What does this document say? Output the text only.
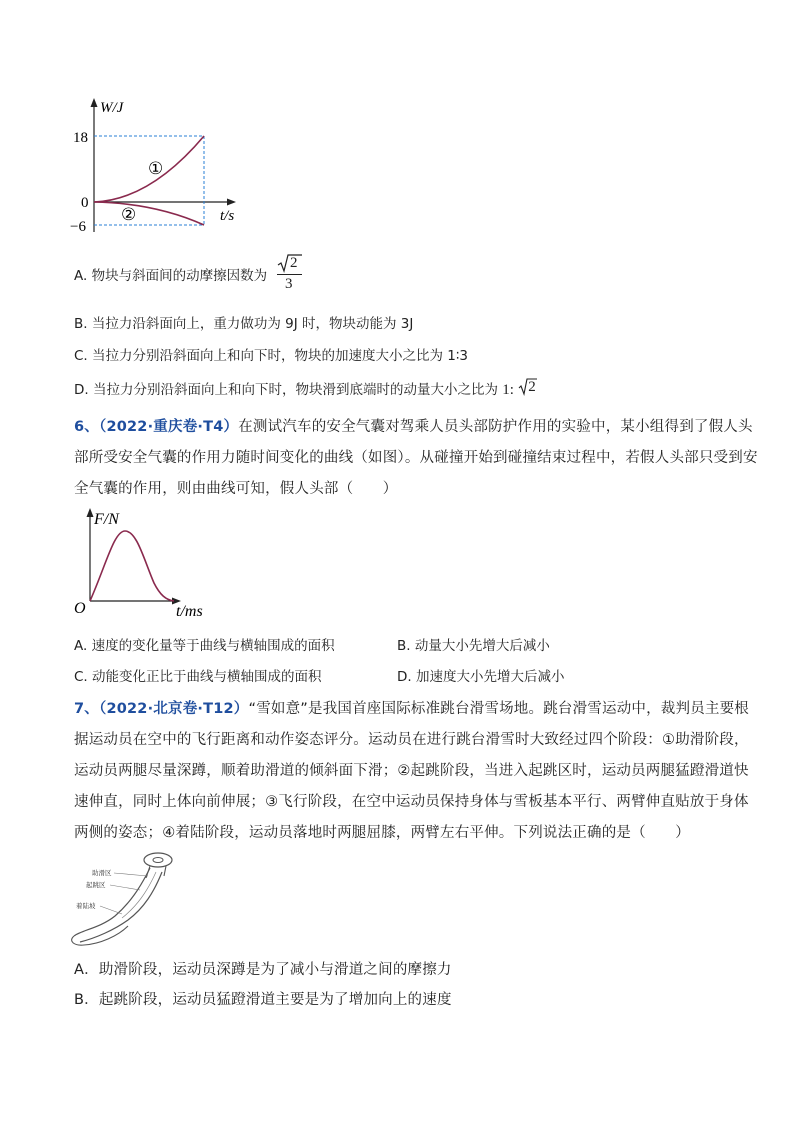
W/J
t/s
18
0
−6
①
②
A. 物块与斜面间的动摩擦因数为
2
3
B. 当拉力沿斜面向上，重力做功为 9J 时，物块动能为 3J
C. 当拉力分别沿斜面向上和向下时，物块的加速度大小之比为 1∶3
D. 当拉力分别沿斜面向上和向下时，物块滑到底端时的动量大小之比为 1: 2
6、（2022·重庆卷·T4）在测试汽车的安全气囊对驾乘人员头部防护作用的实验中，某小组得到了假人头
部所受安全气囊的作用力随时间变化的曲线（如图）。从碰撞开始到碰撞结束过程中，若假人头部只受到安
全气囊的作用，则由曲线可知，假人头部（　　）
F/N
t/ms
O
A. 速度的变化量等于曲线与横轴围成的面积	B. 动量大小先增大后减小
C. 动能变化正比于曲线与横轴围成的面积	D. 加速度大小先增大后减小
7、（2022·北京卷·T12）“雪如意”是我国首座国际标准跳台滑雪场地。跳台滑雪运动中，裁判员主要根
据运动员在空中的飞行距离和动作姿态评分。运动员在进行跳台滑雪时大致经过四个阶段：①助滑阶段，
运动员两腿尽量深蹲，顺着助滑道的倾斜面下滑；②起跳阶段，当进入起跳区时，运动员两腿猛蹬滑道快
速伸直，同时上体向前伸展；③飞行阶段，在空中运动员保持身体与雪板基本平行、两臂伸直贴放于身体
两侧的姿态；④着陆阶段，运动员落地时两腿屈膝，两臂左右平伸。下列说法正确的是（　　）
助滑区
起跳区
着陆坡
A．助滑阶段，运动员深蹲是为了减小与滑道之间的摩擦力
B．起跳阶段，运动员猛蹬滑道主要是为了增加向上的速度
